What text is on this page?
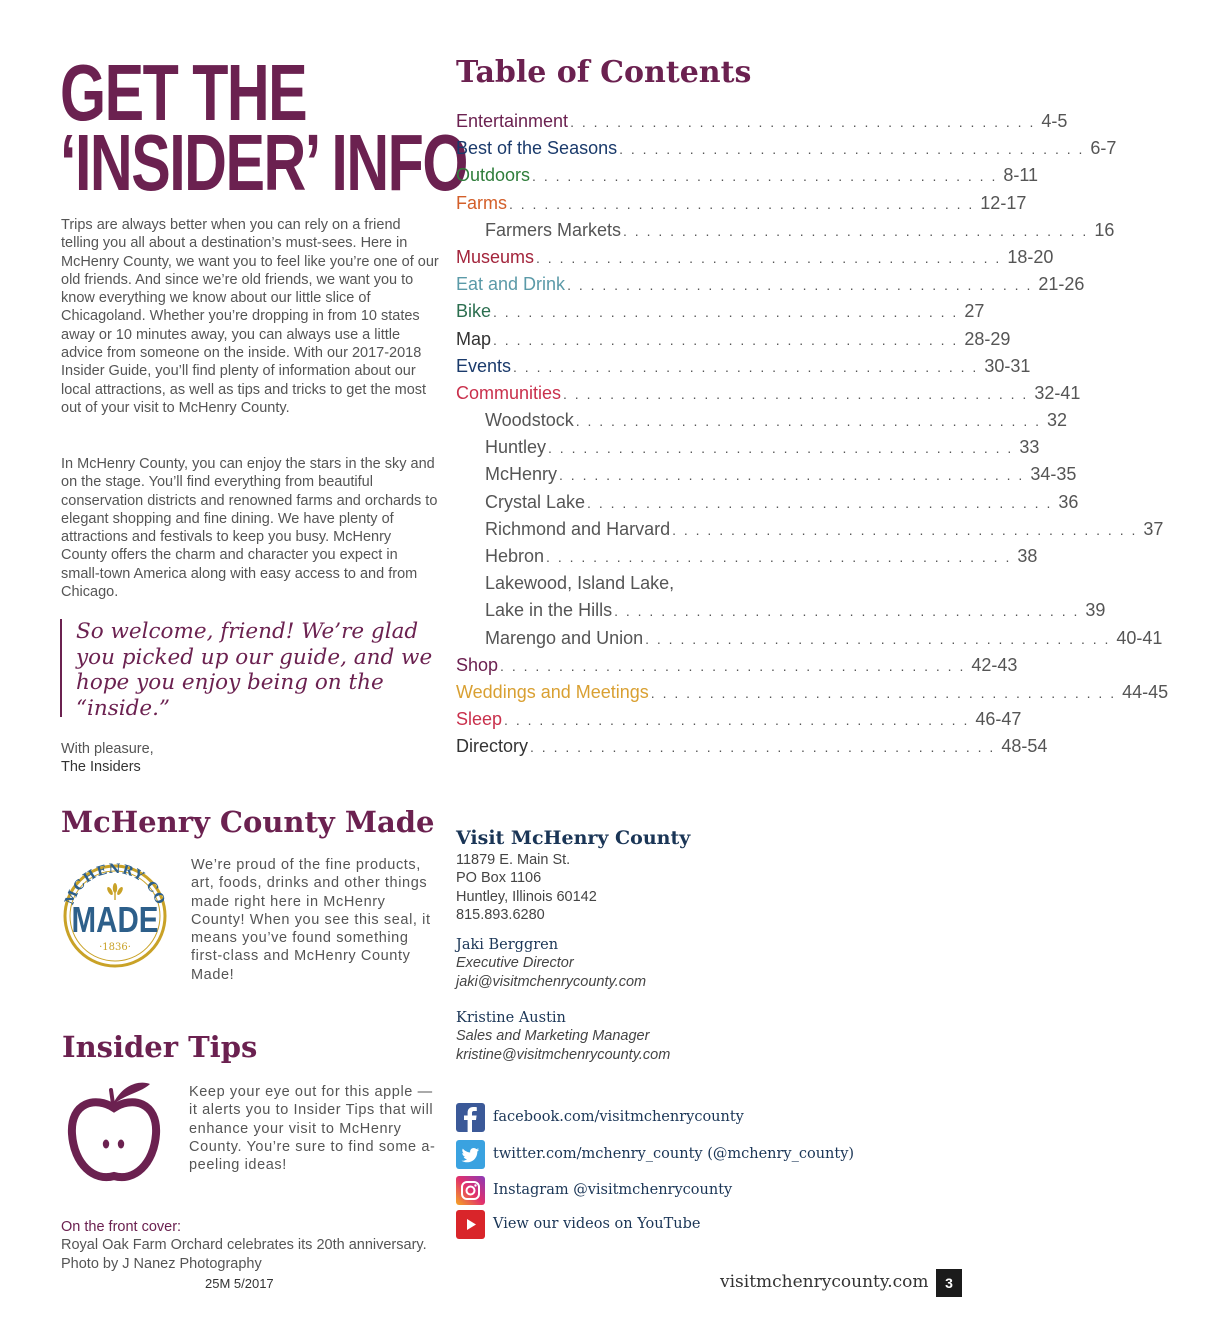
GET THE
‘INSIDER’ INFO

Trips are always better when you can rely on a friend telling you all about a destination’s must-sees. Here in McHenry County, we want you to feel like you’re one of our old friends. And since we’re old friends, we want you to know everything we know about our little slice of Chicagoland. Whether you’re dropping in from 10 states away or 10 minutes away, you can always use a little advice from someone on the inside. With our 2017-2018 Insider Guide, you’ll find plenty of information about our local attractions, as well as tips and tricks to get the most out of your visit to McHenry County.

In McHenry County, you can enjoy the stars in the sky and on the stage. You’ll find everything from beautiful conservation districts and renowned farms and orchards to elegant shopping and fine dining. We have plenty of attractions and festivals to keep you busy. McHenry County offers the charm and character you expect in small-town America along with easy access to and from Chicago.

So welcome, friend! We’re glad you picked up our guide, and we hope you enjoy being on the “inside.”
With pleasure,
The Insiders
Table of Contents
Entertainment . . . . . . . . . . . . . . . . . . . . . . . . . . . . . . . . . . . . . . . . 4-5
Best of the Seasons . . . . . . . . . . . . . . . . . . . . . . . . . . . . . . . . . . . . . . . . 6-7
Outdoors . . . . . . . . . . . . . . . . . . . . . . . . . . . . . . . . . . . . . . . . 8-11
Farms . . . . . . . . . . . . . . . . . . . . . . . . . . . . . . . . . . . . . . . . 12-17
Farmers Markets . . . . . . . . . . . . . . . . . . . . . . . . . . . . . . . . . . . . . . . . 16
Museums . . . . . . . . . . . . . . . . . . . . . . . . . . . . . . . . . . . . . . . . 18-20
Eat and Drink . . . . . . . . . . . . . . . . . . . . . . . . . . . . . . . . . . . . . . . . 21-26
Bike . . . . . . . . . . . . . . . . . . . . . . . . . . . . . . . . . . . . . . . . 27
Map . . . . . . . . . . . . . . . . . . . . . . . . . . . . . . . . . . . . . . . . 28-29
Events . . . . . . . . . . . . . . . . . . . . . . . . . . . . . . . . . . . . . . . . 30-31
Communities . . . . . . . . . . . . . . . . . . . . . . . . . . . . . . . . . . . . . . . . 32-41
Woodstock . . . . . . . . . . . . . . . . . . . . . . . . . . . . . . . . . . . . . . . . 32
Huntley . . . . . . . . . . . . . . . . . . . . . . . . . . . . . . . . . . . . . . . . 33
McHenry . . . . . . . . . . . . . . . . . . . . . . . . . . . . . . . . . . . . . . . . 34-35
Crystal Lake . . . . . . . . . . . . . . . . . . . . . . . . . . . . . . . . . . . . . . . . 36
Richmond and Harvard . . . . . . . . . . . . . . . . . . . . . . . . . . . . . . . . . . . . . . . . 37
Hebron . . . . . . . . . . . . . . . . . . . . . . . . . . . . . . . . . . . . . . . . 38
Lakewood, Island Lake,
Lake in the Hills . . . . . . . . . . . . . . . . . . . . . . . . . . . . . . . . . . . . . . . . 39
Marengo and Union . . . . . . . . . . . . . . . . . . . . . . . . . . . . . . . . . . . . . . . . 40-41
Shop . . . . . . . . . . . . . . . . . . . . . . . . . . . . . . . . . . . . . . . . 42-43
Weddings and Meetings . . . . . . . . . . . . . . . . . . . . . . . . . . . . . . . . . . . . . . . . 44-45
Sleep . . . . . . . . . . . . . . . . . . . . . . . . . . . . . . . . . . . . . . . . 46-47
Directory . . . . . . . . . . . . . . . . . . . . . . . . . . . . . . . . . . . . . . . . 48-54
McHenry County Made
MCHENRY CO
MADE
·1836·

We’re proud of the fine products, art, foods, drinks and other things made right here in McHenry County! When you see this seal, it means you’ve found something first-class and McHenry County Made!

Insider Tips

Keep your eye out for this apple — it alerts you to Insider Tips that will enhance your visit to McHenry County. You’re sure to find some a-peeling ideas!

On the front cover:
Royal Oak Farm Orchard celebrates its 20th anniversary.
Photo by J Nanez Photography
25M 5/2017
Visit McHenry County
11879 E. Main St.
PO Box 1106
Huntley, Illinois 60142
815.893.6280
Jaki Berggren
Executive Director
jaki@visitmchenrycounty.com
Kristine Austin
Sales and Marketing Manager
kristine@visitmchenrycounty.com
facebook.com/visitmchenrycounty
twitter.com/mchenry_county (@mchenry_county)
Instagram @visitmchenrycounty
View our videos on YouTube
visitmchenrycounty.com	3
